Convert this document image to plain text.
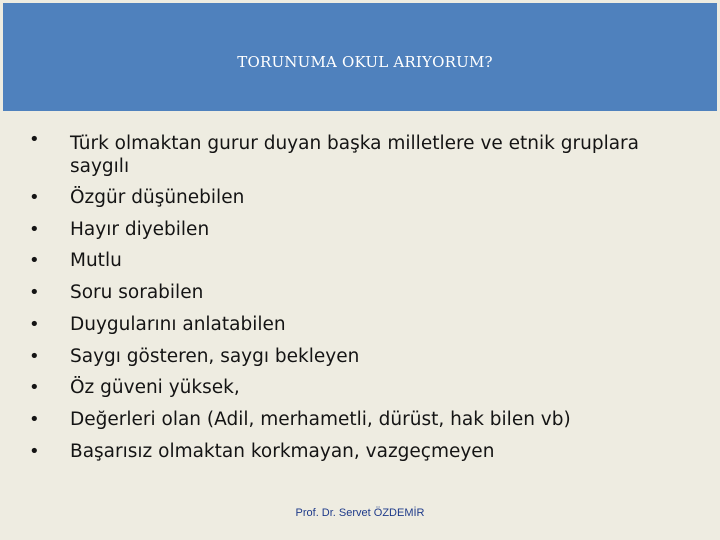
TORUNUMA OKUL ARIYORUM?
• Türk olmaktan gurur duyan başka milletlere ve etnik gruplara saygılı
• Özgür düşünebilen
• Hayır diyebilen
• Mutlu
• Soru sorabilen
• Duygularını anlatabilen
• Saygı gösteren, saygı bekleyen
• Öz güveni yüksek,
• Değerleri olan (Adil, merhametli, dürüst, hak bilen vb)
• Başarısız olmaktan korkmayan, vazgeçmeyen
Prof. Dr. Servet ÖZDEMİR
